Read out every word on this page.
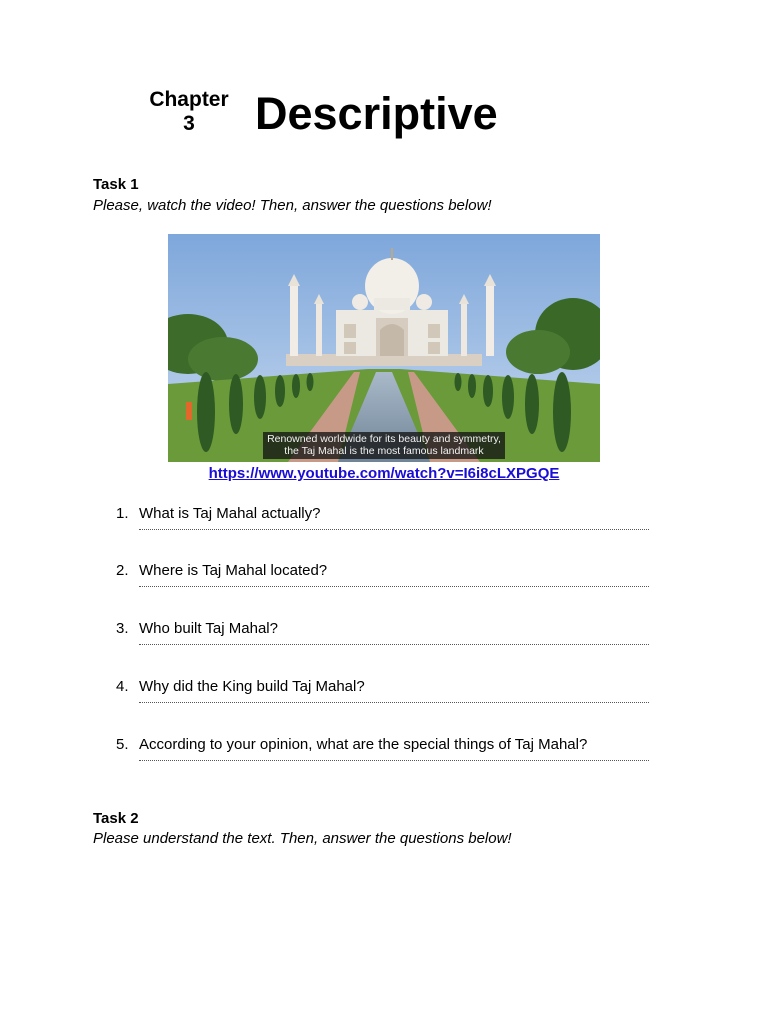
Chapter
3	Descriptive

Task 1

Please, watch the video! Then, answer the questions below!

Renowned worldwide for its beauty and symmetry,
the Taj Mahal is the most famous landmark
https://www.youtube.com/watch?v=I6i8cLXPGQE
1. What is Taj Mahal actually?
2. Where is Taj Mahal located?
3. Who built Taj Mahal?
4. Why did the King build Taj Mahal?
5. According to your opinion, what are the special things of Taj Mahal?

Task 2

Please understand the text. Then, answer the questions below!
